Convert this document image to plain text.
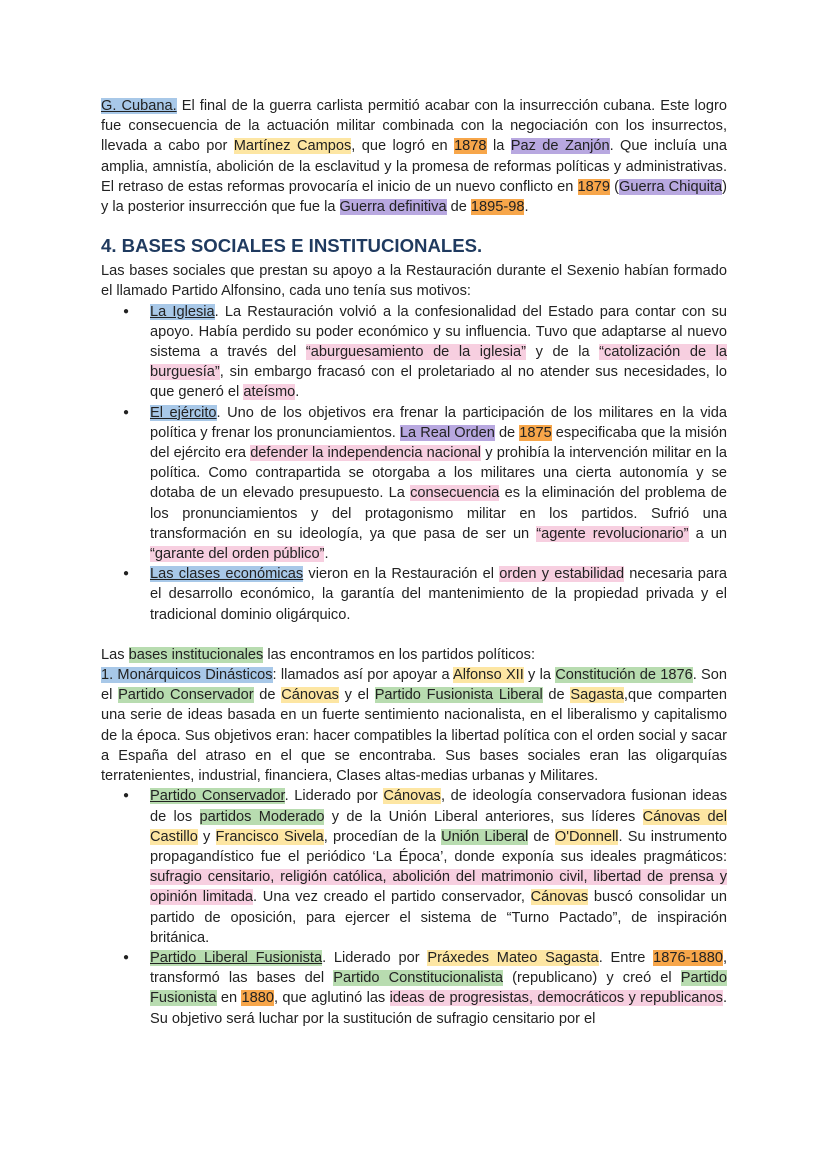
G. Cubana. El final de la guerra carlista permitió acabar con la insurrección cubana. Este logro fue consecuencia de la actuación militar combinada con la negociación con los insurrectos, llevada a cabo por Martínez Campos, que logró en 1878 la Paz de Zanjón. Que incluía una amplia, amnistía, abolición de la esclavitud y la promesa de reformas políticas y administrativas. El retraso de estas reformas provocaría el inicio de un nuevo conflicto en 1879 (Guerra Chiquita) y la posterior insurrección que fue la Guerra definitiva de 1895-98.

4. BASES SOCIALES E INSTITUCIONALES.

Las bases sociales que prestan su apoyo a la Restauración durante el Sexenio habían formado el llamado Partido Alfonsino, cada uno tenía sus motivos:

● La Iglesia. La Restauración volvió a la confesionalidad del Estado para contar con su apoyo. Había perdido su poder económico y su influencia. Tuvo que adaptarse al nuevo sistema a través del “aburguesamiento de la iglesia” y de la “catolización de la burguesía”, sin embargo fracasó con el proletariado al no atender sus necesidades, lo que generó el ateísmo.
● El ejército. Uno de los objetivos era frenar la participación de los militares en la vida política y frenar los pronunciamientos. La Real Orden de 1875 especificaba que la misión del ejército era defender la independencia nacional y prohibía la intervención militar en la política. Como contrapartida se otorgaba a los militares una cierta autonomía y se dotaba de un elevado presupuesto. La consecuencia es la eliminación del problema de los pronunciamientos y del protagonismo militar en los partidos. Sufrió una transformación en su ideología, ya que pasa de ser un “agente revolucionario” a un “garante del orden público”.
● Las clases económicas vieron en la Restauración el orden y estabilidad necesaria para el desarrollo económico, la garantía del mantenimiento de la propiedad privada y el tradicional dominio oligárquico.

Las bases institucionales las encontramos en los partidos políticos:

1. Monárquicos Dinásticos: llamados así por apoyar a Alfonso XII y la Constitución de 1876. Son el Partido Conservador de Cánovas y el Partido Fusionista Liberal de Sagasta,que comparten una serie de ideas basada en un fuerte sentimiento nacionalista, en el liberalismo y capitalismo de la época. Sus objetivos eran: hacer compatibles la libertad política con el orden social y sacar a España del atraso en el que se encontraba. Sus bases sociales eran las oligarquías terratenientes, industrial, financiera, Clases altas-medias urbanas y Militares.

● Partido Conservador. Liderado por Cánovas, de ideología conservadora fusionan ideas de los partidos Moderado y de la Unión Liberal anteriores, sus líderes Cánovas del Castillo y Francisco Sivela, procedían de la Unión Liberal de O'Donnell. Su instrumento propagandístico fue el periódico ‘La Época’, donde exponía sus ideales pragmáticos: sufragio censitario, religión católica, abolición del matrimonio civil, libertad de prensa y opinión limitada. Una vez creado el partido conservador, Cánovas buscó consolidar un partido de oposición, para ejercer el sistema de “Turno Pactado”, de inspiración británica.
● Partido Liberal Fusionista. Liderado por Práxedes Mateo Sagasta. Entre 1876-1880, transformó las bases del Partido Constitucionalista (republicano) y creó el Partido Fusionista en 1880, que aglutinó las ideas de progresistas, democráticos y republicanos. Su objetivo será luchar por la sustitución de sufragio censitario por el
